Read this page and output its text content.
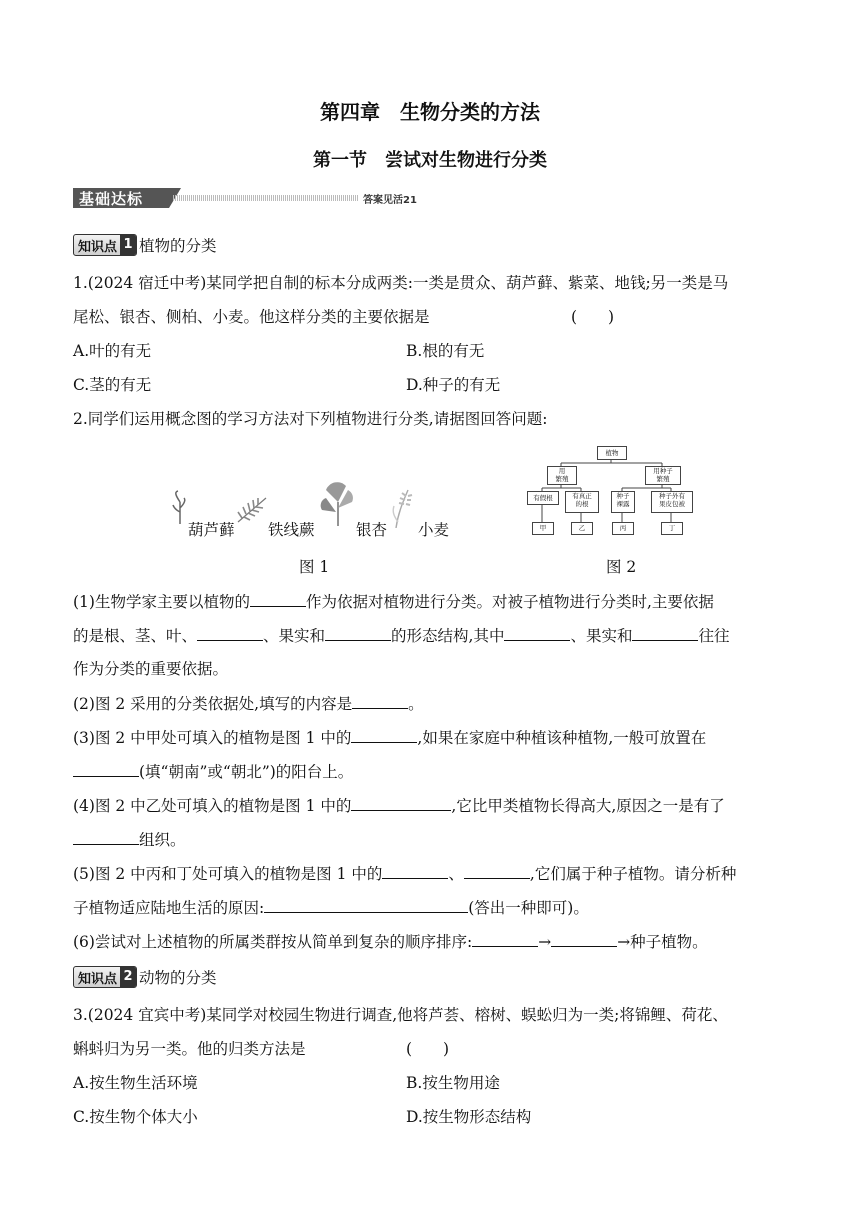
第四章　生物分类的方法
第一节　尝试对生物进行分类
基础达标	答案见活21
知识点 1 植物的分类
1.(2024 宿迁中考)某同学把自制的标本分成两类:一类是贯众、葫芦藓、紫菜、地钱;另一类是马
尾松、银杏、侧柏、小麦。他这样分类的主要依据是	(　　)
A.叶的有无	B.根的有无
C.茎的有无	D.种子的有无
2.同学们运用概念图的学习方法对下列植物进行分类,请据图回答问题:
葫芦藓 铁线蕨	银杏 小麦
图 1
植物
用
繁殖
用种子
繁殖
有假根	有真正
的根
种子
裸露
种子外有
果皮包被
甲	乙	丙	丁
图 2
(1)生物学家主要以植物的	作为依据对植物进行分类。对被子植物进行分类时,主要依据
的是根、茎、叶、	、果实和	的形态结构,其中	、果实和	往往
作为分类的重要依据。
(2)图 2 采用的分类依据处,填写的内容是	。
(3)图 2 中甲处可填入的植物是图 1 中的	,如果在家庭中种植该种植物,一般可放置在
(填“朝南”或“朝北”)的阳台上。
(4)图 2 中乙处可填入的植物是图 1 中的	,它比甲类植物长得高大,原因之一是有了
组织。
(5)图 2 中丙和丁处可填入的植物是图 1 中的	、	,它们属于种子植物。请分析种
子植物适应陆地生活的原因:	(答出一种即可)。
(6)尝试对上述植物的所属类群按从简单到复杂的顺序排序:	→	→种子植物。
知识点 2 动物的分类
3.(2024 宜宾中考)某同学对校园生物进行调查,他将芦荟、榕树、蜈蚣归为一类;将锦鲤、荷花、
蝌蚪归为另一类。他的归类方法是	(　　)
A.按生物生活环境	B.按生物用途
C.按生物个体大小	D.按生物形态结构
